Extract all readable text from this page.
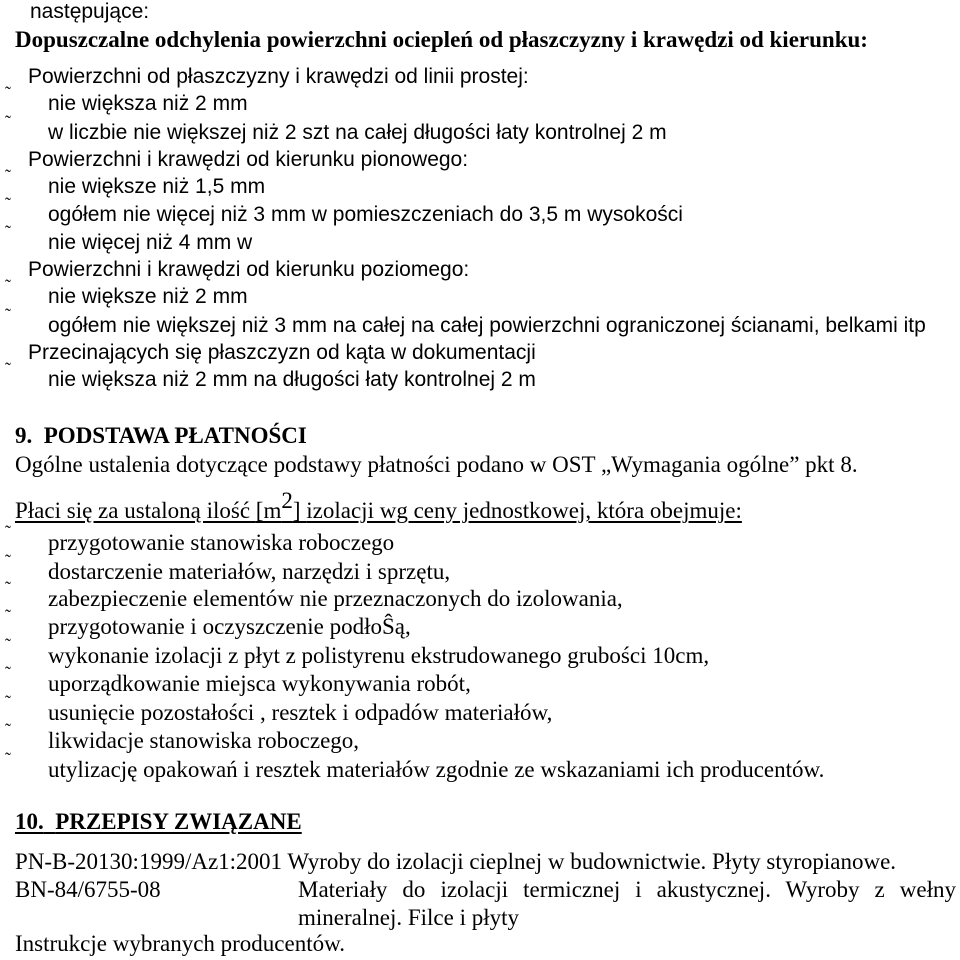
następujące:
Dopuszczalne odchylenia powierzchni ociepleń od płaszczyzny i krawędzi od kierunku:
Powierzchni od płaszczyzny i krawędzi od linii prostej:
˜ nie większa niż 2 mm
˜ w liczbie nie większej niż 2 szt na całej długości łaty kontrolnej 2 m
Powierzchni i krawędzi od kierunku pionowego:
˜ nie większe niż 1,5 mm
˜ ogółem nie więcej niż 3 mm w pomieszczeniach do 3,5 m wysokości
˜ nie więcej niż 4 mm w
Powierzchni i krawędzi od kierunku poziomego:
˜ nie większe niż 2 mm
˜ ogółem nie większej niż 3 mm na całej na całej powierzchni ograniczonej ścianami, belkami itp
Przecinających się płaszczyzn od kąta w dokumentacji
˜ nie większa niż 2 mm na długości łaty kontrolnej 2 m
9. PODSTAWA PŁATNOŚCI
Ogólne ustalenia dotyczące podstawy płatności podano w OST „Wymagania ogólne” pkt 8.
Płaci się za ustaloną ilość [m2] izolacji wg ceny jednostkowej, która obejmuje:
˜ przygotowanie stanowiska roboczego
˜ dostarczenie materiałów, narzędzi i sprzętu,
˜ zabezpieczenie elementów nie przeznaczonych do izolowania,
˜ przygotowanie i oczyszczenie podłoŜą,
˜ wykonanie izolacji z płyt z polistyrenu ekstrudowanego grubości 10cm,
˜ uporządkowanie miejsca wykonywania robót,
˜ usunięcie pozostałości , resztek i odpadów materiałów,
˜ likwidacje stanowiska roboczego,
˜ utylizację opakowań i resztek materiałów zgodnie ze wskazaniami ich producentów.
10. PRZEPISY ZWIĄZANE
PN-B-20130:1999/Az1:2001 Wyroby do izolacji cieplnej w budownictwie. Płyty styropianowe.
BN-84/6755-08	Materiały do izolacji termicznej i akustycznej. Wyroby z wełny mineralnej. Filce i płyty
Instrukcje wybranych producentów.
